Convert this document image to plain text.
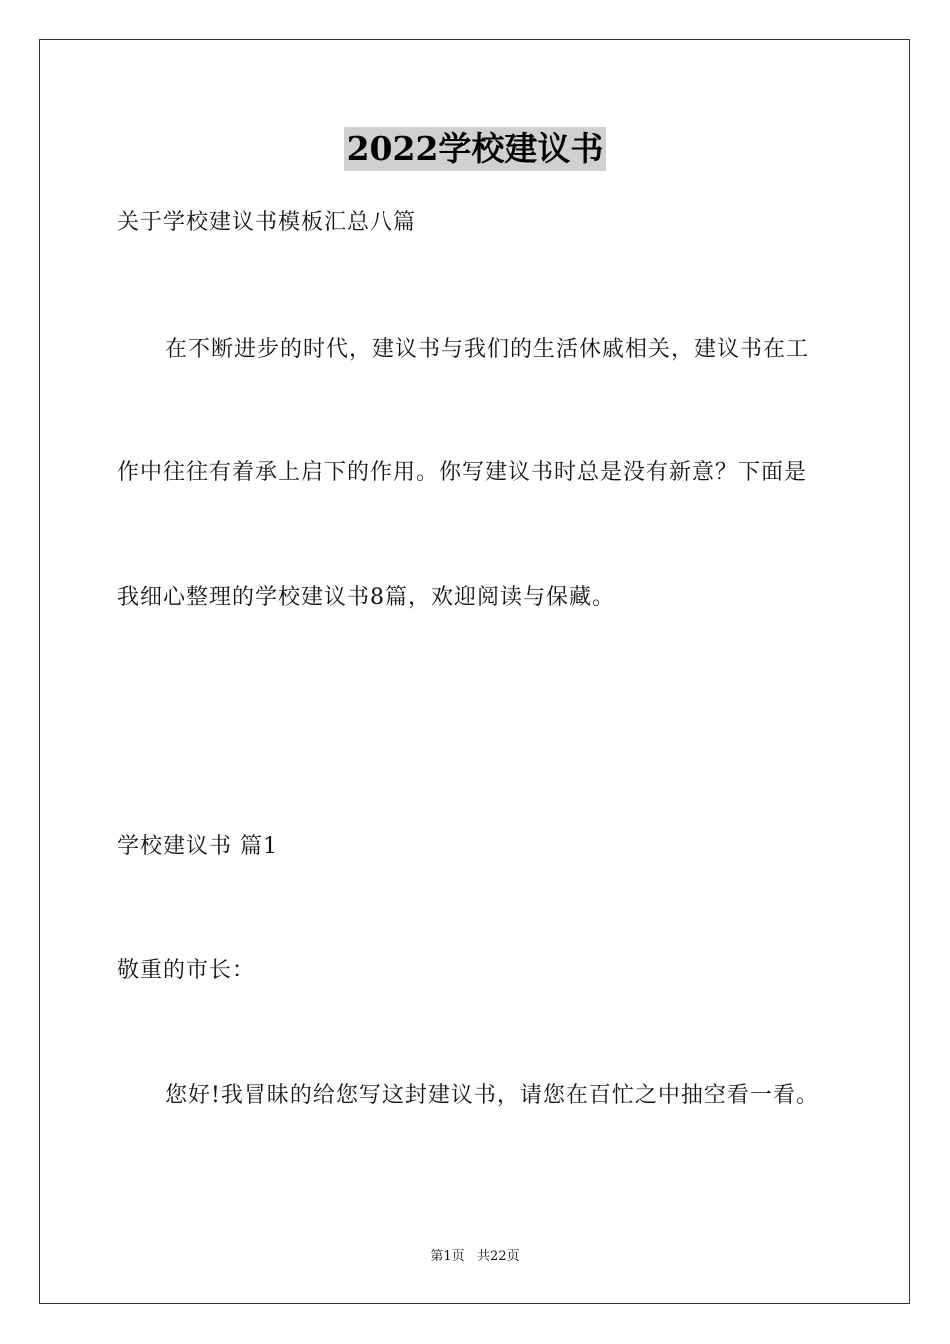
2022学校建议书
关于学校建议书模板汇总八篇
在不断进步的时代，建议书与我们的生活休戚相关，建议书在工
作中往往有着承上启下的作用。你写建议书时总是没有新意？下面是
我细心整理的学校建议书8篇，欢迎阅读与保藏。
学校建议书 篇1
敬重的市长：
您好!我冒昧的给您写这封建议书，请您在百忙之中抽空看一看。
第1页   共22页
